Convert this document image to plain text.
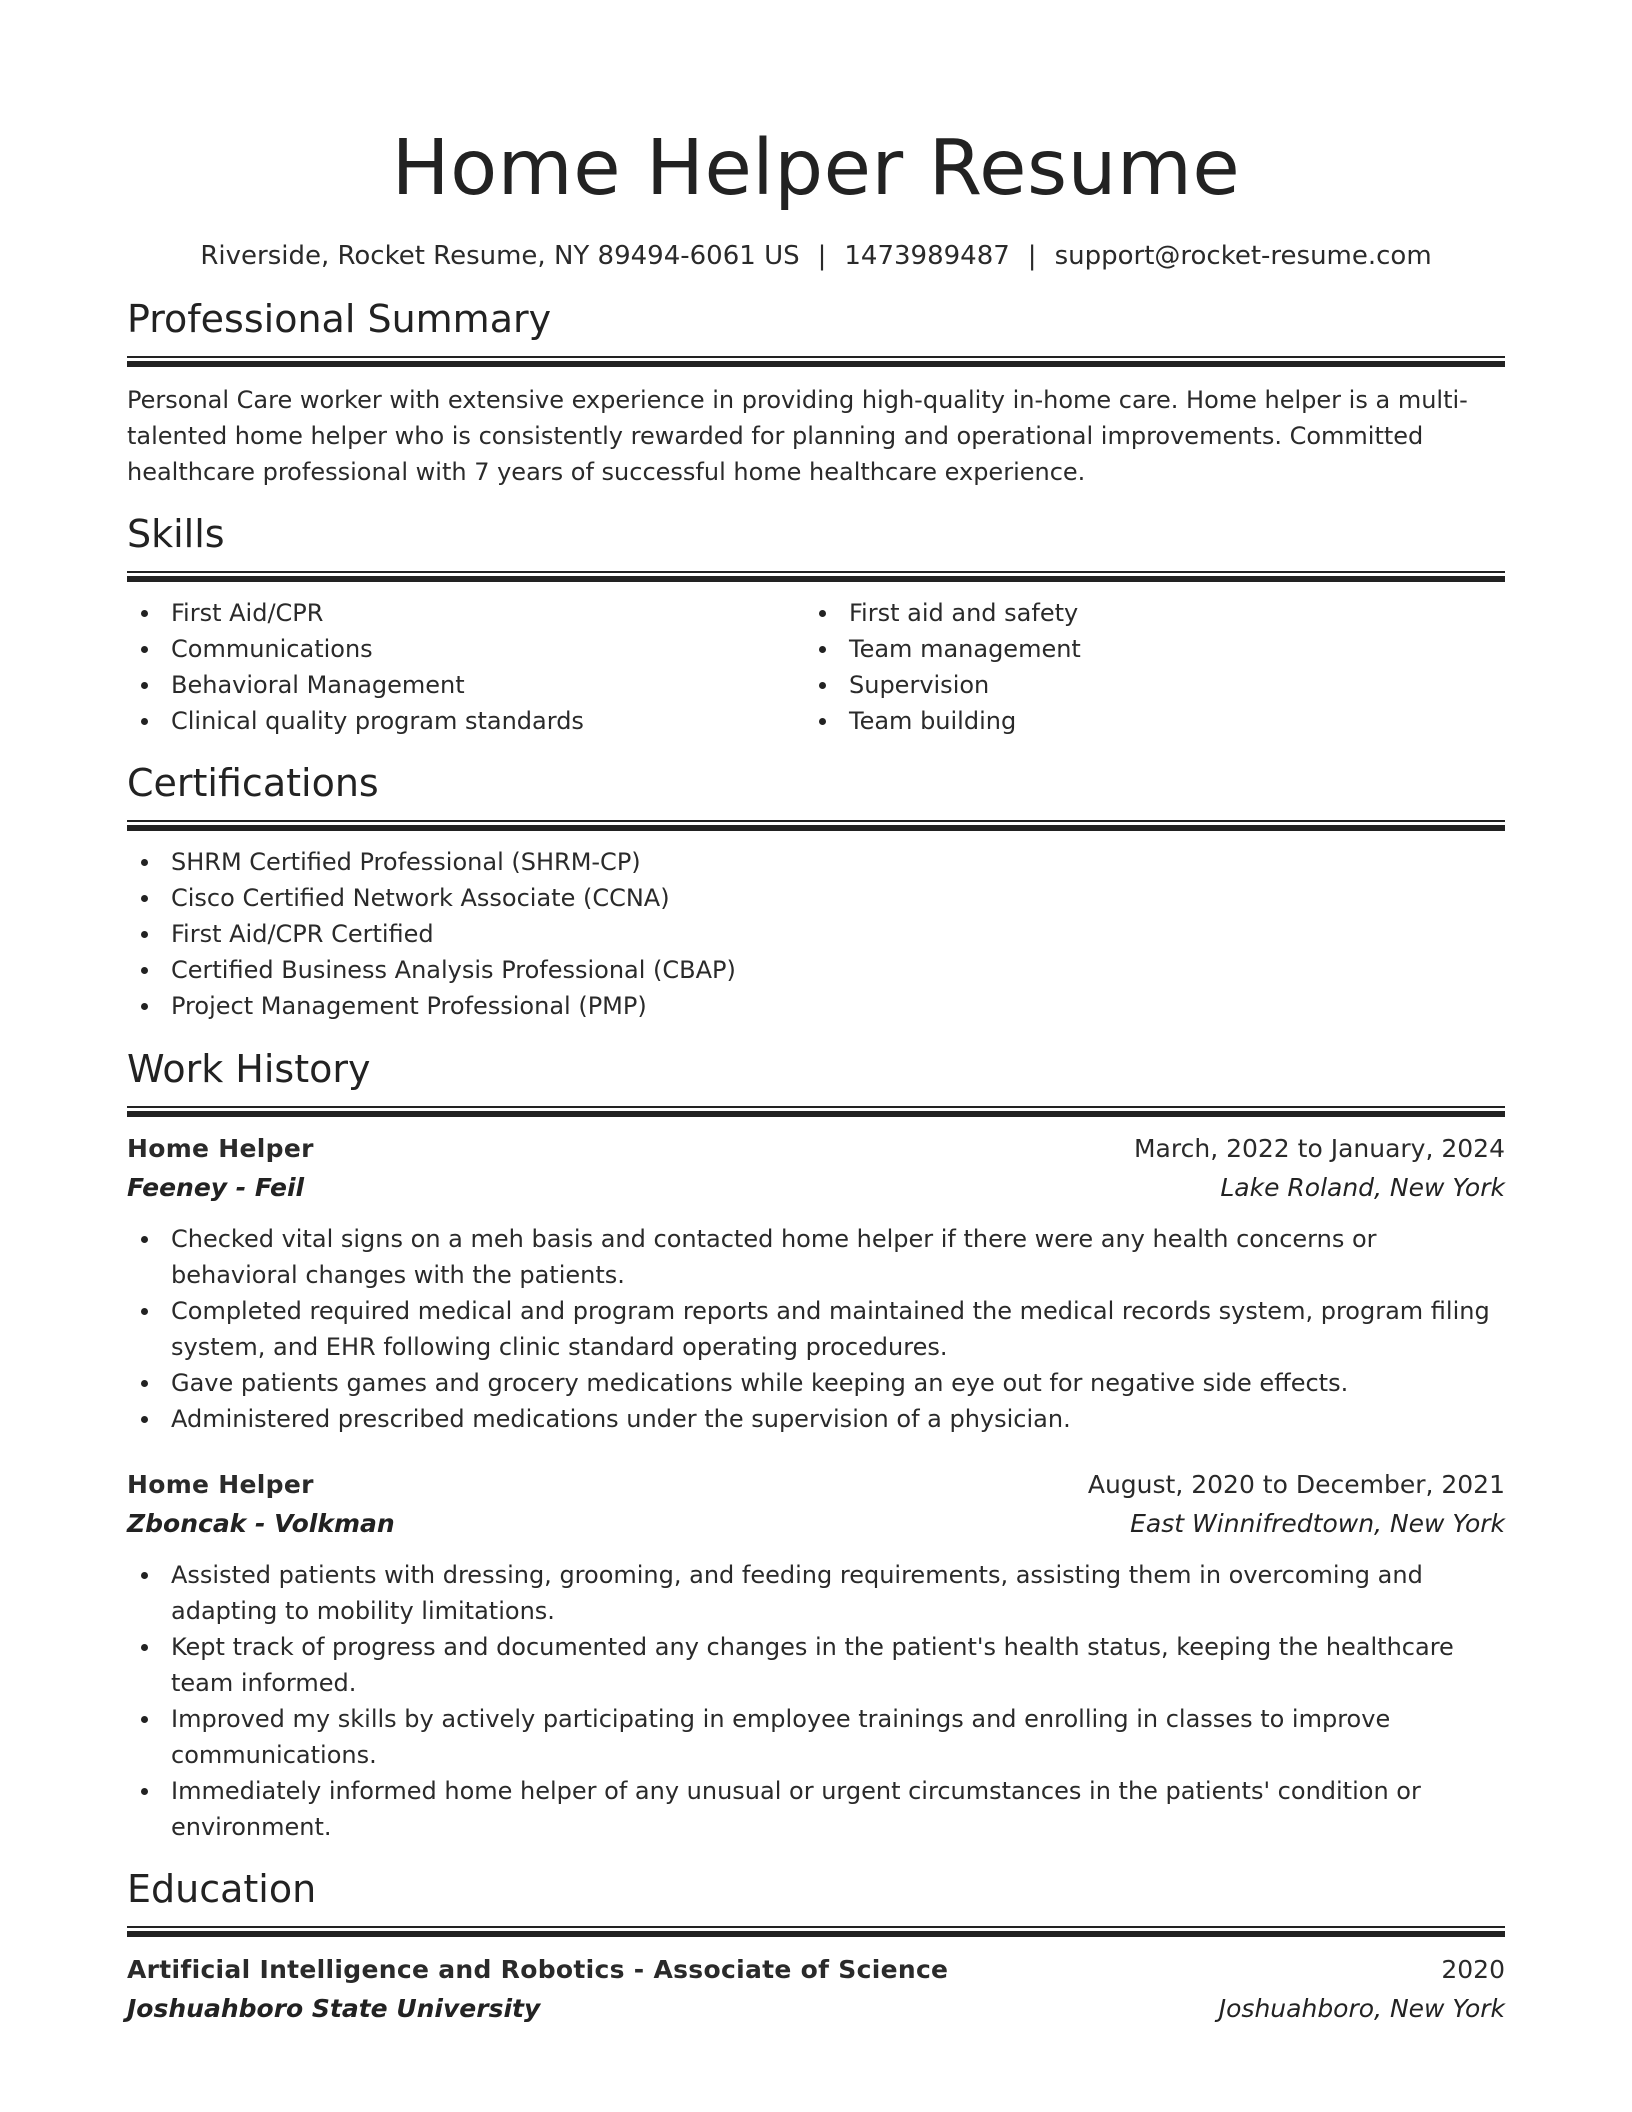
Home Helper Resume
Riverside, Rocket Resume, NY 89494-6061 US | 1473989487 | support@rocket-resume.com
Professional Summary

Personal Care worker with extensive experience in providing high-quality in-home care. Home helper is a multi-talented home helper who is consistently rewarded for planning and operational improvements. Committed healthcare professional with 7 years of successful home healthcare experience.

Skills
First Aid/CPR
Communications
Behavioral Management
Clinical quality program standards
First aid and safety
Team management
Supervision
Team building
Certifications
SHRM Certified Professional (SHRM-CP)
Cisco Certified Network Associate (CCNA)
First Aid/CPR Certified
Certified Business Analysis Professional (CBAP)
Project Management Professional (PMP)
Work History
Home Helper	March, 2022 to January, 2024
Feeney - Feil	Lake Roland, New York
Checked vital signs on a meh basis and contacted home helper if there were any health concerns or behavioral changes with the patients.
Completed required medical and program reports and maintained the medical records system, program filing system, and EHR following clinic standard operating procedures.
Gave patients games and grocery medications while keeping an eye out for negative side effects.
Administered prescribed medications under the supervision of a physician.
Home Helper	August, 2020 to December, 2021
Zboncak - Volkman	East Winnifredtown, New York
Assisted patients with dressing, grooming, and feeding requirements, assisting them in overcoming and adapting to mobility limitations.
Kept track of progress and documented any changes in the patient's health status, keeping the healthcare team informed.
Improved my skills by actively participating in employee trainings and enrolling in classes to improve communications.
Immediately informed home helper of any unusual or urgent circumstances in the patients' condition or environment.
Education
Artificial Intelligence and Robotics - Associate of Science	2020
Joshuahboro State University	Joshuahboro, New York
